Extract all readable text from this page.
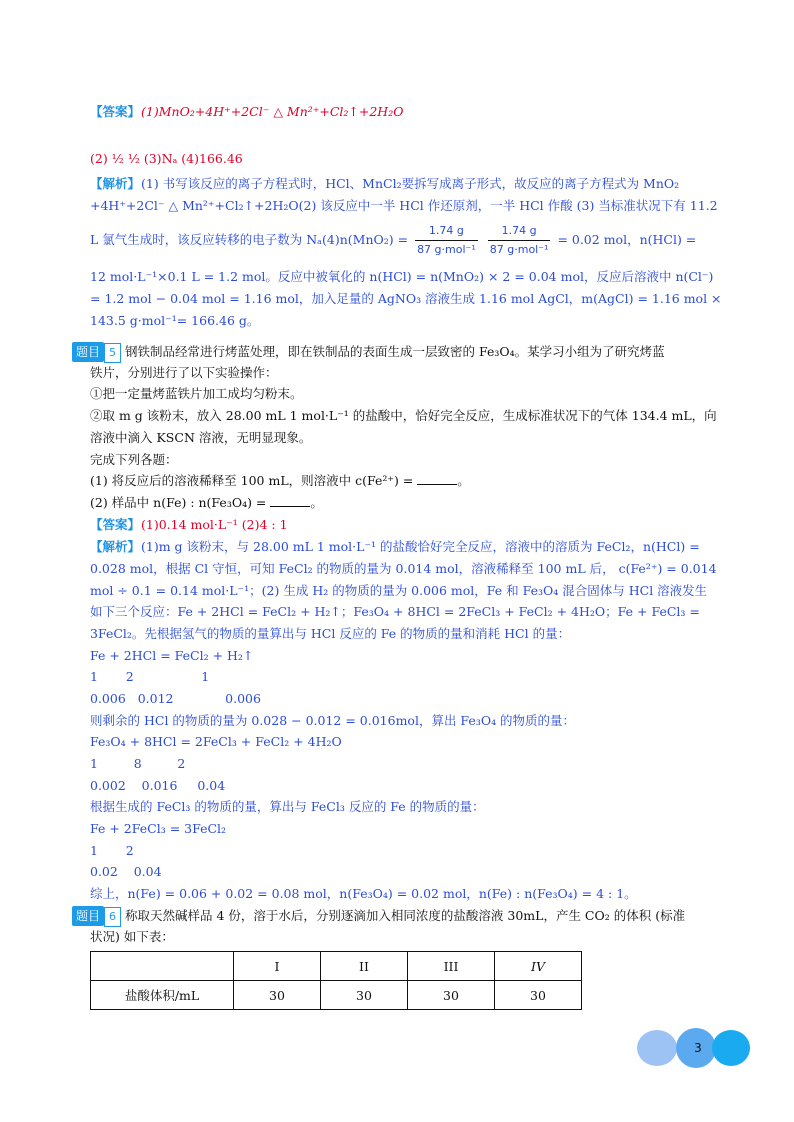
【答案】(1)MnO₂+4H⁺+2Cl⁻ △ Mn²⁺+Cl₂↑+2H₂O
(2) ½ ½ (3)Nₐ (4)166.46
【解析】(1) 书写该反应的离子方程式时，HCl、MnCl₂要拆写成离子形式，故反应的离子方程式为 MnO₂
+4H⁺+2Cl⁻ △ Mn²⁺+Cl₂↑+2H₂O(2) 该反应中一半 HCl 作还原剂，一半 HCl 作酸 (3) 当标准状况下有 11.2
L 氯气生成时，该反应转移的电子数为 $N_a(4)n(MnO_2) = \frac{1.74 g}{\text{87 g·mol⁻¹}}$
$\frac{1.74 g}{\text{87 g·mol⁻¹}} = 0.02$ mol，n(HCl) =
12 mol·L⁻¹×0.1 L = 1.2 mol。反应中被氧化的 n(HCl) = n(MnO₂) × 2 = 0.04 mol，反应后溶液中 n(Cl⁻)
= 1.2 mol − 0.04 mol = 1.16 mol，加入足量的 AgNO₃ 溶液生成 1.16 mol AgCl，m(AgCl) = 1.16 mol ×
143.5 g·mol⁻¹= 166.46 g。
题目 5 钢铁制品经常进行烤蓝处理，即在铁制品的表面生成一层致密的 Fe₃O₄。某学习小组为了研究烤蓝
铁片，分别进行了以下实验操作：
①把一定量烤蓝铁片加工成均匀粉末。
②取 m g 该粉末，放入 28.00 mL 1 mol·L⁻¹ 的盐酸中，恰好完全反应，生成标准状况下的气体 134.4 mL，向
溶液中滴入 KSCN 溶液，无明显现象。
完成下列各题：
(1) 将反应后的溶液稀释至 100 mL，则溶液中 c(Fe²⁺) =	。
(2) 样品中 n(Fe) : n(Fe₃O₄) =	。
【答案】(1)0.14 mol·L⁻¹ (2)4 : 1
【解析】(1)m g 该粉末，与 28.00 mL 1 mol·L⁻¹ 的盐酸恰好完全反应，溶液中的溶质为 FeCl₂，n(HCl) =
0.028 mol，根据 Cl 守恒，可知 FeCl₂ 的物质的量为 0.014 mol，溶液稀释至 100 mL 后， c(Fe²⁺) = 0.014
mol ÷ 0.1 = 0.14 mol·L⁻¹；(2) 生成 H₂ 的物质的量为 0.006 mol，Fe 和 Fe₃O₄ 混合固体与 HCl 溶液发生
如下三个反应：Fe + 2HCl = FeCl₂ + H₂↑；Fe₃O₄ + 8HCl = 2FeCl₃ + FeCl₂ + 4H₂O；Fe + FeCl₃ =
3FeCl₂。先根据氢气的物质的量算出与 HCl 反应的 Fe 的物质的量和消耗 HCl 的量：
Fe + 2HCl = FeCl₂ + H₂↑
1       2                 1
0.006   0.012             0.006
则剩余的 HCl 的物质的量为 0.028 − 0.012 = 0.016mol，算出 Fe₃O₄ 的物质的量：
Fe₃O₄ + 8HCl = 2FeCl₃ + FeCl₂ + 4H₂O
1         8         2
0.002    0.016     0.04
根据生成的 FeCl₃ 的物质的量，算出与 FeCl₃ 反应的 Fe 的物质的量：
Fe + 2FeCl₃ = 3FeCl₂
1       2
0.02    0.04
综上，n(Fe) = 0.06 + 0.02 = 0.08 mol，n(Fe₃O₄) = 0.02 mol，n(Fe) : n(Fe₃O₄) = 4 : 1。
题目 6 称取天然碱样品 4 份，溶于水后，分别逐滴加入相同浓度的盐酸溶液 30mL，产生 CO₂ 的体积 (标准
状况) 如下表：
	I	II	III	IV
盐酸体积/mL	30	30	30	30
3
